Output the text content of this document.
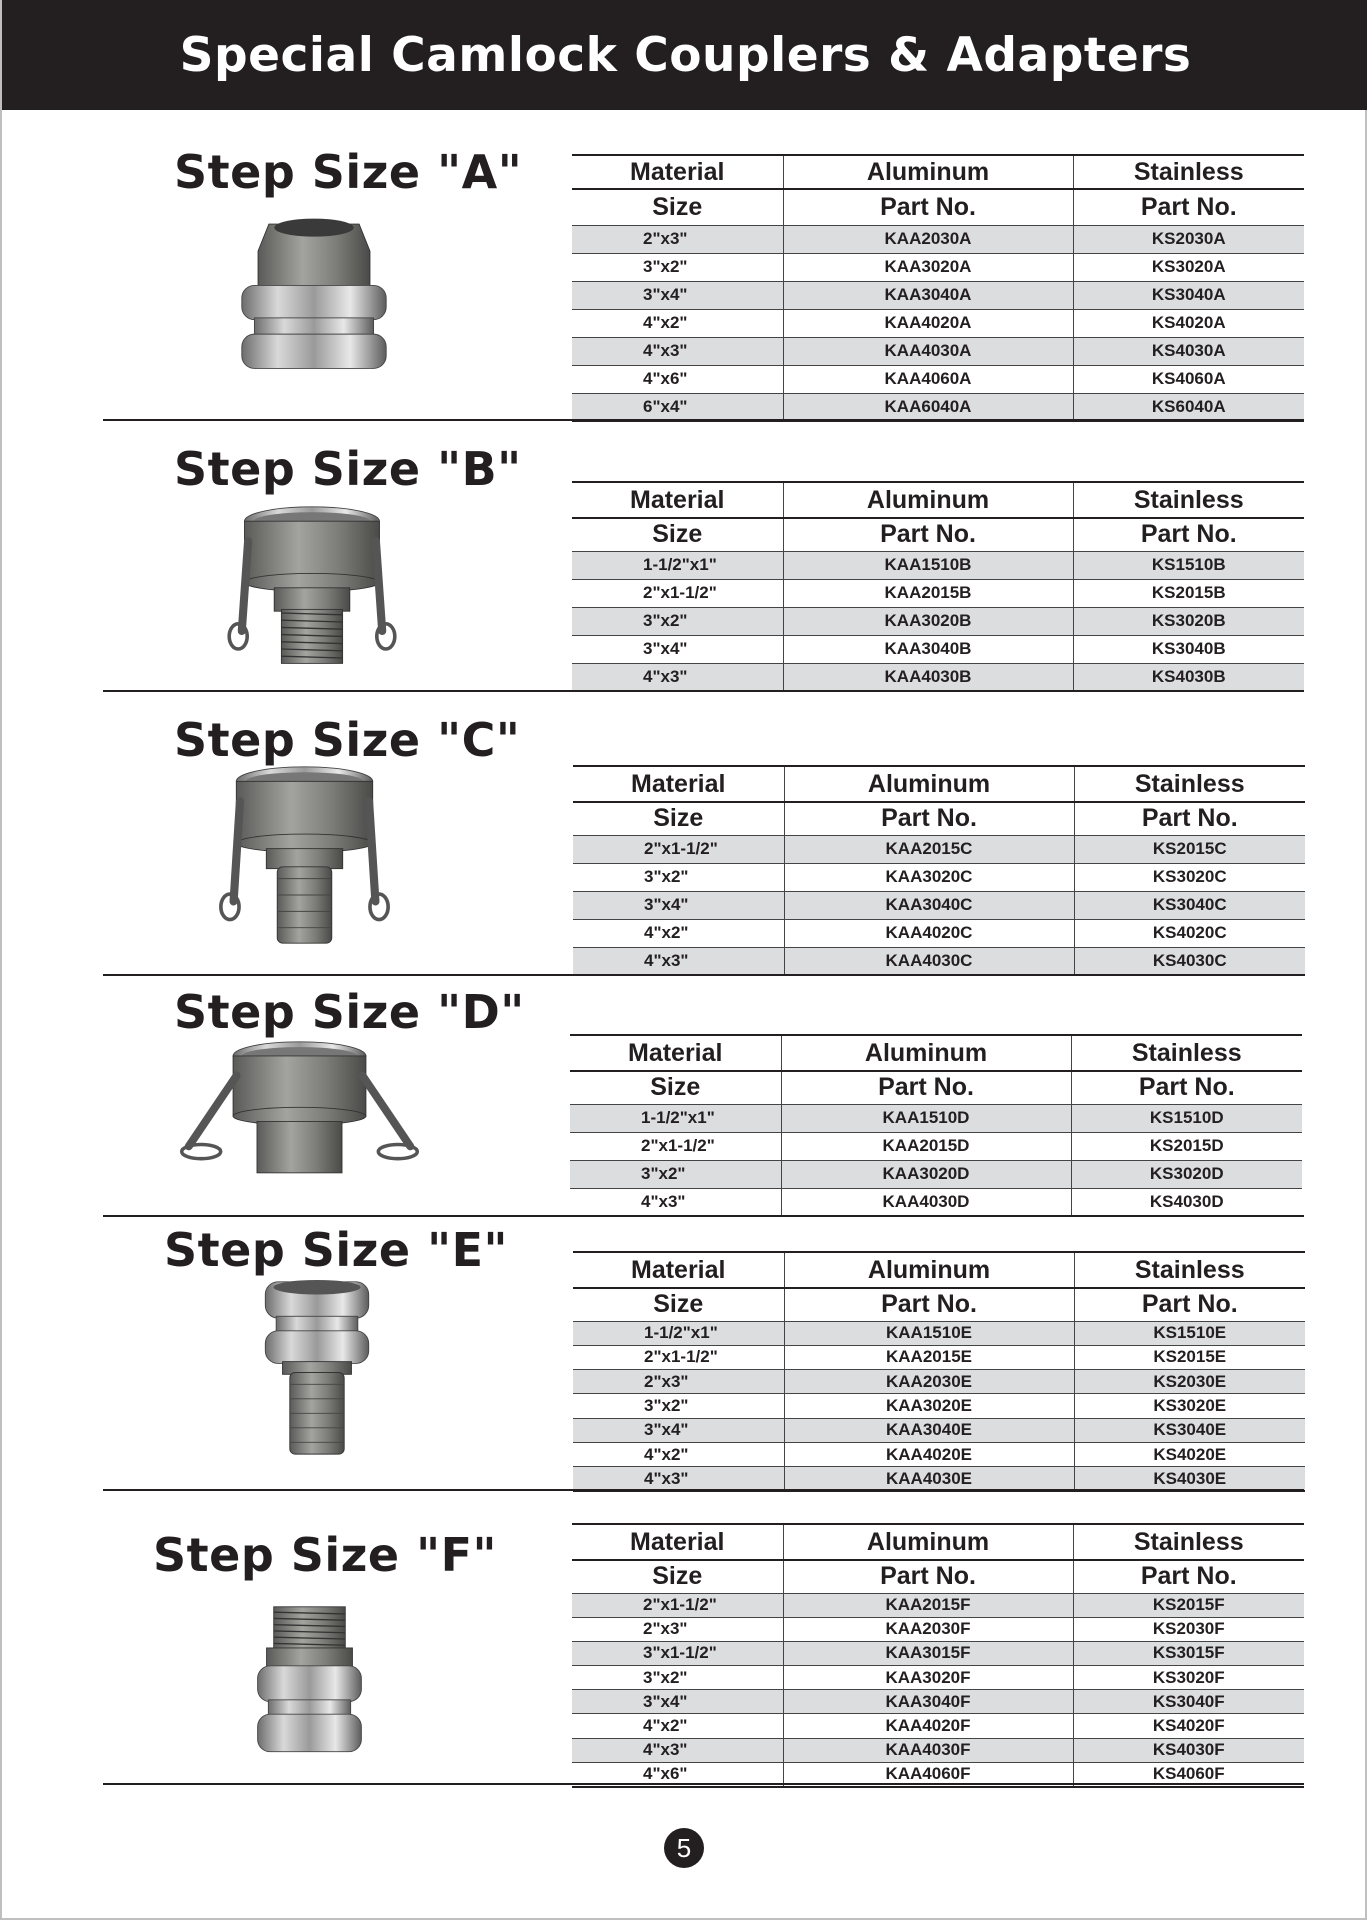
Special Camlock Couplers & Adapters
Step Size "A"	Material	Aluminum	Stainless
Size	Part No.	Part No.
2"x3"	KAA2030A	KS2030A
3"x2"	KAA3020A	KS3020A
3"x4"	KAA3040A	KS3040A
4"x2"	KAA4020A	KS4020A
4"x3"	KAA4030A	KS4030A
4"x6"	KAA4060A	KS4060A
6"x4"	KAA6040A	KS6040A
Step Size "B"
Material	Aluminum	Stainless
Size	Part No.	Part No.
1-1/2"x1"	KAA1510B	KS1510B
2"x1-1/2"	KAA2015B	KS2015B
3"x2"	KAA3020B	KS3020B
3"x4"	KAA3040B	KS3040B
4"x3"	KAA4030B	KS4030B
Step Size "C"
Material	Aluminum	Stainless
Size	Part No.	Part No.
2"x1-1/2"	KAA2015C	KS2015C
3"x2"	KAA3020C	KS3020C
3"x4"	KAA3040C	KS3040C
4"x2"	KAA4020C	KS4020C
4"x3"	KAA4030C	KS4030C
Step Size "D"
Material	Aluminum	Stainless
Size	Part No.	Part No.
1-1/2"x1"	KAA1510D	KS1510D
2"x1-1/2"	KAA2015D	KS2015D
3"x2"	KAA3020D	KS3020D
4"x3"	KAA4030D	KS4030D
Step Size "E"	Material	Aluminum	Stainless
Size	Part No.	Part No.
1-1/2"x1"	KAA1510E	KS1510E
2"x1-1/2"	KAA2015E	KS2015E
2"x3"	KAA2030E	KS2030E
3"x2"	KAA3020E	KS3020E
3"x4"	KAA3040E	KS3040E
4"x2"	KAA4020E	KS4020E
4"x3"	KAA4030E	KS4030E
Step Size "F"	Material	Aluminum	Stainless
Size	Part No.	Part No.
2"x1-1/2"	KAA2015F	KS2015F
2"x3"	KAA2030F	KS2030F
3"x1-1/2"	KAA3015F	KS3015F
3"x2"	KAA3020F	KS3020F
3"x4"	KAA3040F	KS3040F
4"x2"	KAA4020F	KS4020F
4"x3"	KAA4030F	KS4030F
4"x6"	KAA4060F	KS4060F
5
